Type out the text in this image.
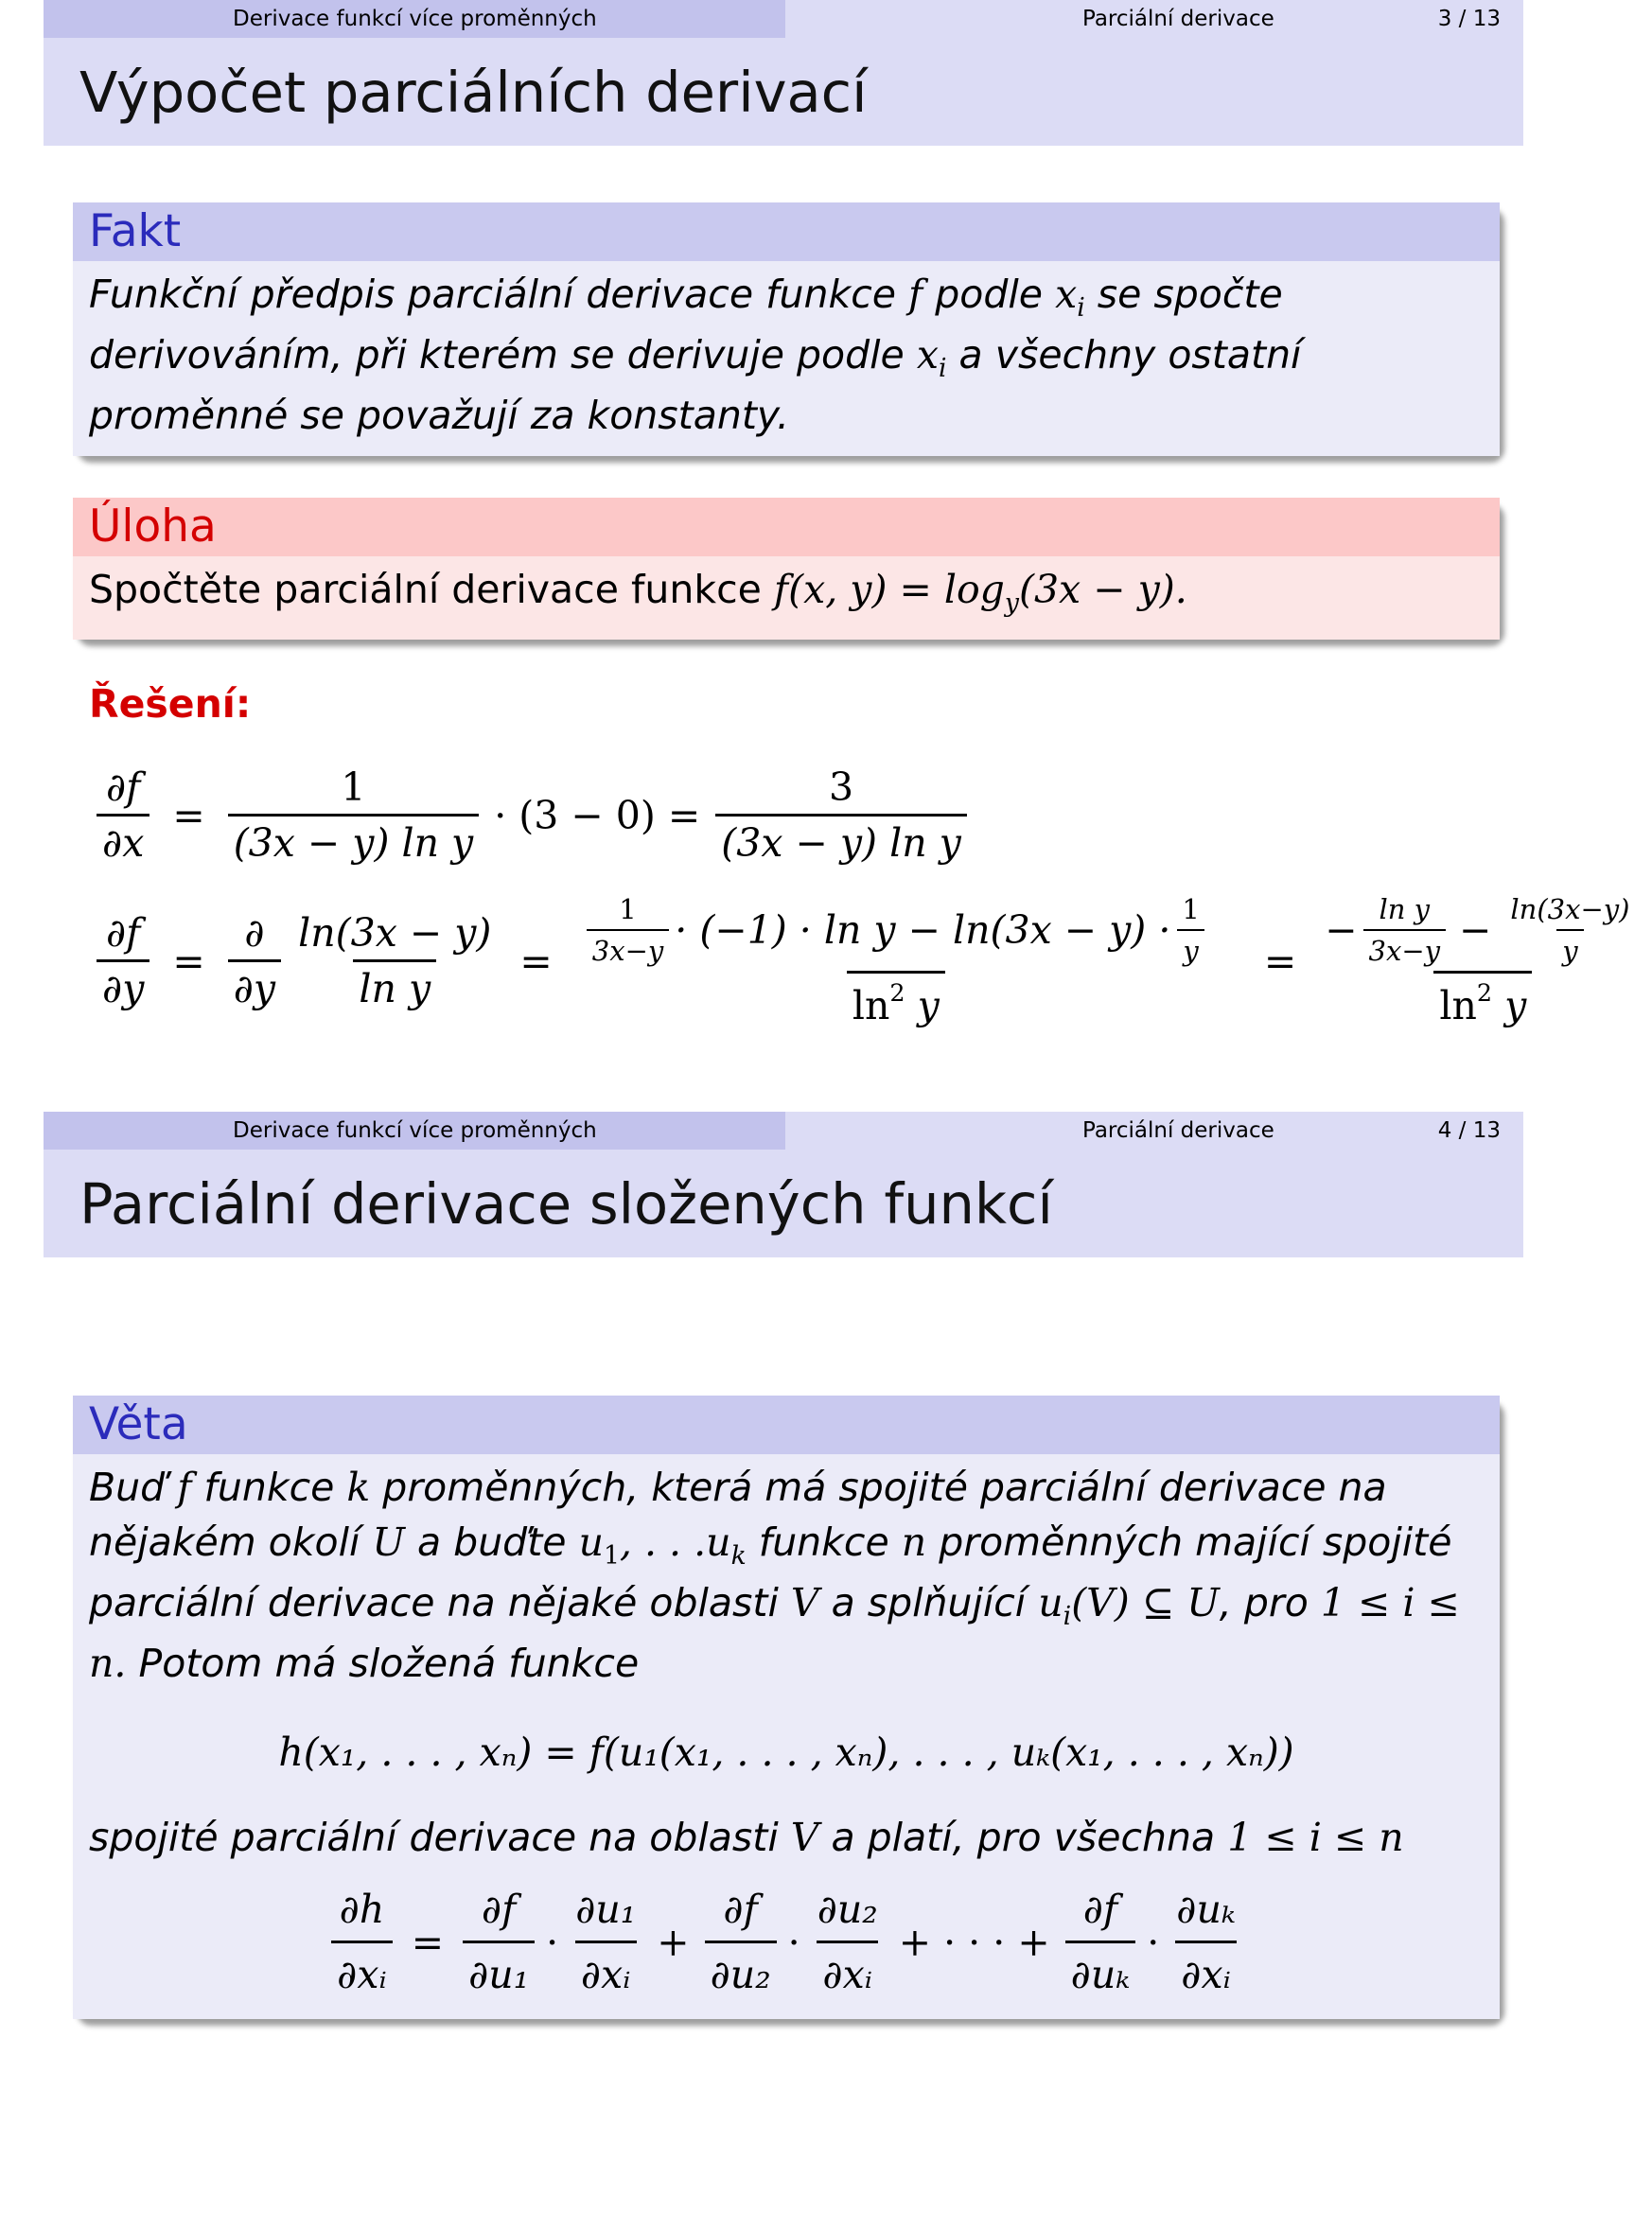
Derivace funkcí více proměnných	Parciální derivace	3 / 13
Výpočet parciálních derivací
Fakt
Funkční předpis parciální derivace funkce f podle $x_i$ se spočte derivováním, při kterém se derivuje podle $x_i$ a všechny ostatní proměnné se považují za konstanty.
Úloha
Spočtěte parciální derivace funkce f(x, $y) = \log_y(3x - y)$.
Řešení:
$\frac{\partial f}{\partial x} = \frac{1}{\text{(3x − y) ln y}} \cdot (3 - 0) = \frac{3}{\text{(3x − y) ln y}}$
$\frac{\partial f}{\partial y} = \frac{\partial}{\partial y} \frac{\ln(3x - y)}{\text{ln y}} = \frac{\frac{1}{3x-y} \cdot (-1) \cdot \ln y - \ln(3x - y) \cdot \frac{1}{y}}{\ln^2 y} = \frac{- \frac{\text{ln y}}{3x-y} - \frac{\ln(3x-y)}{y}}{\ln^2 y}$
Derivace funkcí více proměnných	Parciální derivace	4 / 13
Parciální derivace složených funkcí
Věta
Buď f funkce k proměnných, která má spojité parciální derivace na nějakém okolí U a buďte $u_1$, . . $.u_k$ funkce n proměnných mající spojité parciální derivace na nějaké oblasti V a splňující $u_i(V)$ ⊆ U, pro 1 ≤ i ≤ n. Potom má složená funkce
h(x₁, . . . , xₙ) = f(u₁(x₁, . . . , xₙ), . . . , uₖ(x₁, . . . , xₙ))
spojité parciální derivace na oblasti V a platí, pro všechna 1 ≤ i ≤ n
$\frac{\partial h}{\text{∂xᵢ}} = \frac{\partial f}{\text{∂u₁}} \cdot \frac{\text{∂u₁}}{\text{∂xᵢ}} + \frac{\partial f}{\text{∂u₂}} \cdot \frac{\text{∂u₂}}{\text{∂xᵢ}}$ + · · · + $\frac{\partial f}{\text{∂uₖ}} \cdot \frac{\text{∂uₖ}}{\text{∂xᵢ}}$
